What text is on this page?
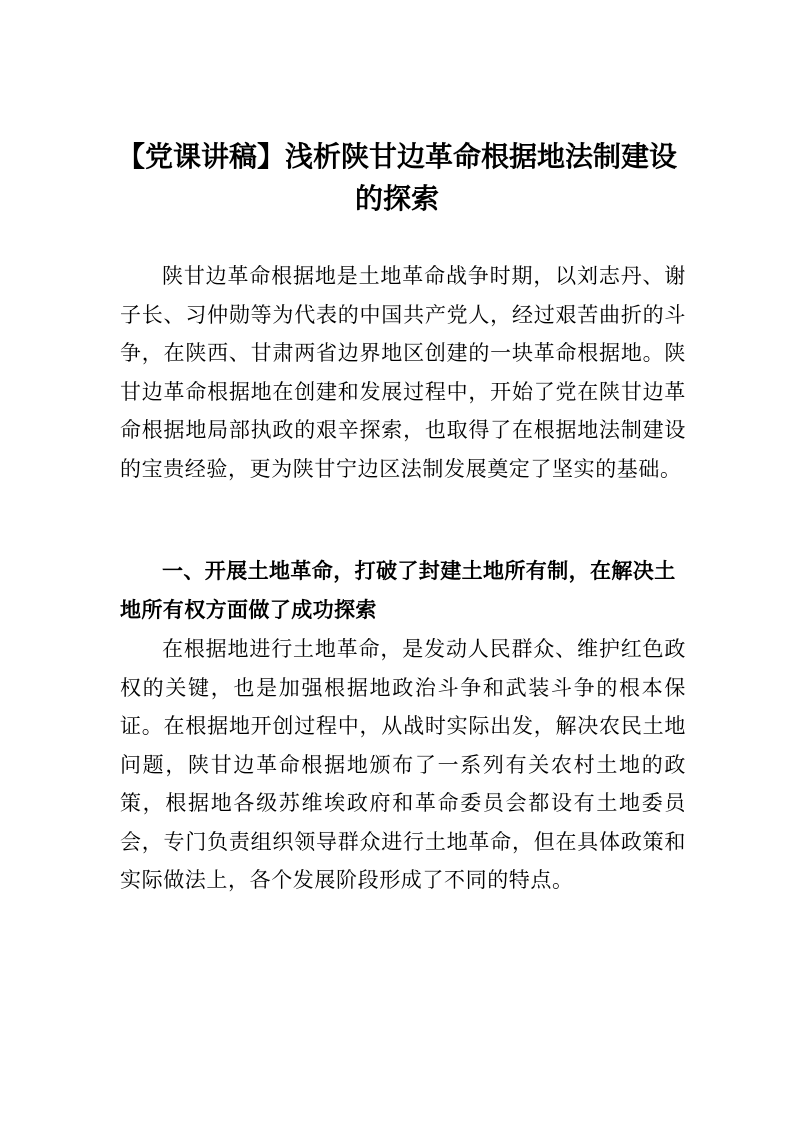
【党课讲稿】浅析陕甘边革命根据地法制建设的探索

陕甘边革命根据地是土地革命战争时期，以刘志丹、谢子长、习仲勋等为代表的中国共产党人，经过艰苦曲折的斗争，在陕西、甘肃两省边界地区创建的一块革命根据地。陕甘边革命根据地在创建和发展过程中，开始了党在陕甘边革命根据地局部执政的艰辛探索，也取得了在根据地法制建设的宝贵经验，更为陕甘宁边区法制发展奠定了坚实的基础。

一、开展土地革命，打破了封建土地所有制，在解决土地所有权方面做了成功探索

在根据地进行土地革命，是发动人民群众、维护红色政权的关键，也是加强根据地政治斗争和武装斗争的根本保证。在根据地开创过程中，从战时实际出发，解决农民土地问题，陕甘边革命根据地颁布了一系列有关农村土地的政策，根据地各级苏维埃政府和革命委员会都设有土地委员会，专门负责组织领导群众进行土地革命，但在具体政策和实际做法上，各个发展阶段形成了不同的特点。
